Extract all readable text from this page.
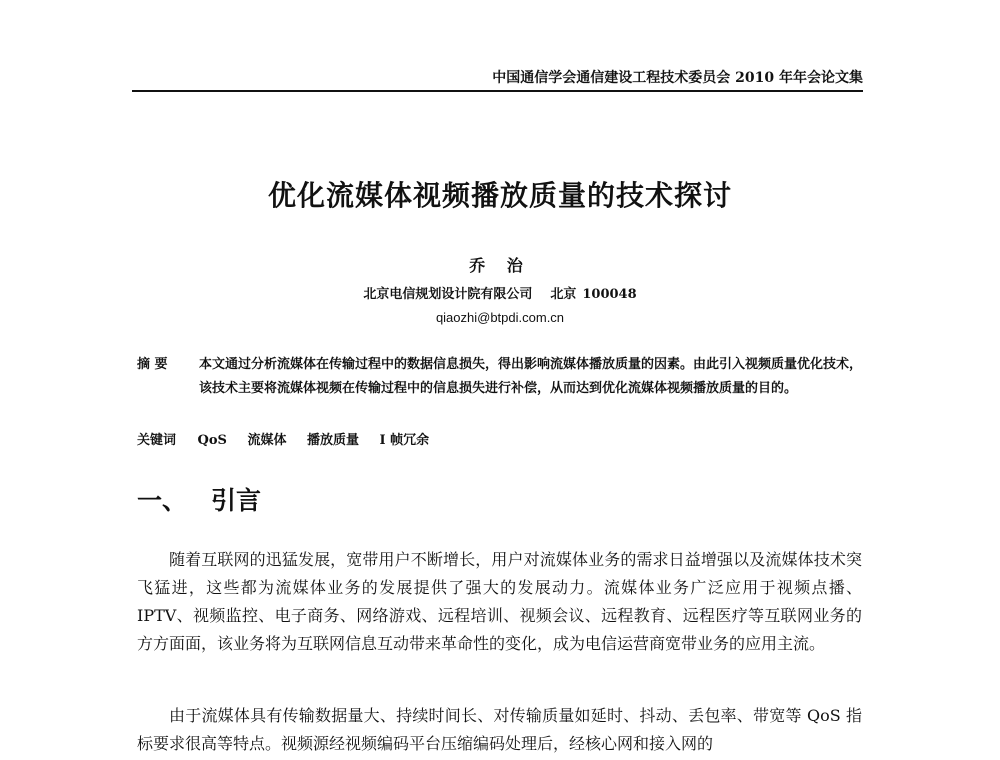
中国通信学会通信建设工程技术委员会 2010 年年会论文集
优化流媒体视频播放质量的技术探讨
乔 治
北京电信规划设计院有限公司 北京 100048
qiaozhi@btpdi.com.cn
摘 要	本文通过分析流媒体在传输过程中的数据信息损失，得出影响流媒体播放质量的因素。由此引入视频质量优化技术，该技术主要将流媒体视频在传输过程中的信息损失进行补偿，从而达到优化流媒体视频播放质量的目的。
关键词 QoS 流媒体 播放质量 I 帧冗余
一、 引言
随着互联网的迅猛发展，宽带用户不断增长，用户对流媒体业务的需求日益增强以及流媒体技术突飞猛进，这些都为流媒体业务的发展提供了强大的发展动力。流媒体业务广泛应用于视频点播、IPTV、视频监控、电子商务、网络游戏、远程培训、视频会议、远程教育、远程医疗等互联网业务的方方面面，该业务将为互联网信息互动带来革命性的变化，成为电信运营商宽带业务的应用主流。
由于流媒体具有传输数据量大、持续时间长、对传输质量如延时、抖动、丢包率、带宽等 QoS 指标要求很高等特点。视频源经视频编码平台压缩编码处理后，经核心网和接入网的
